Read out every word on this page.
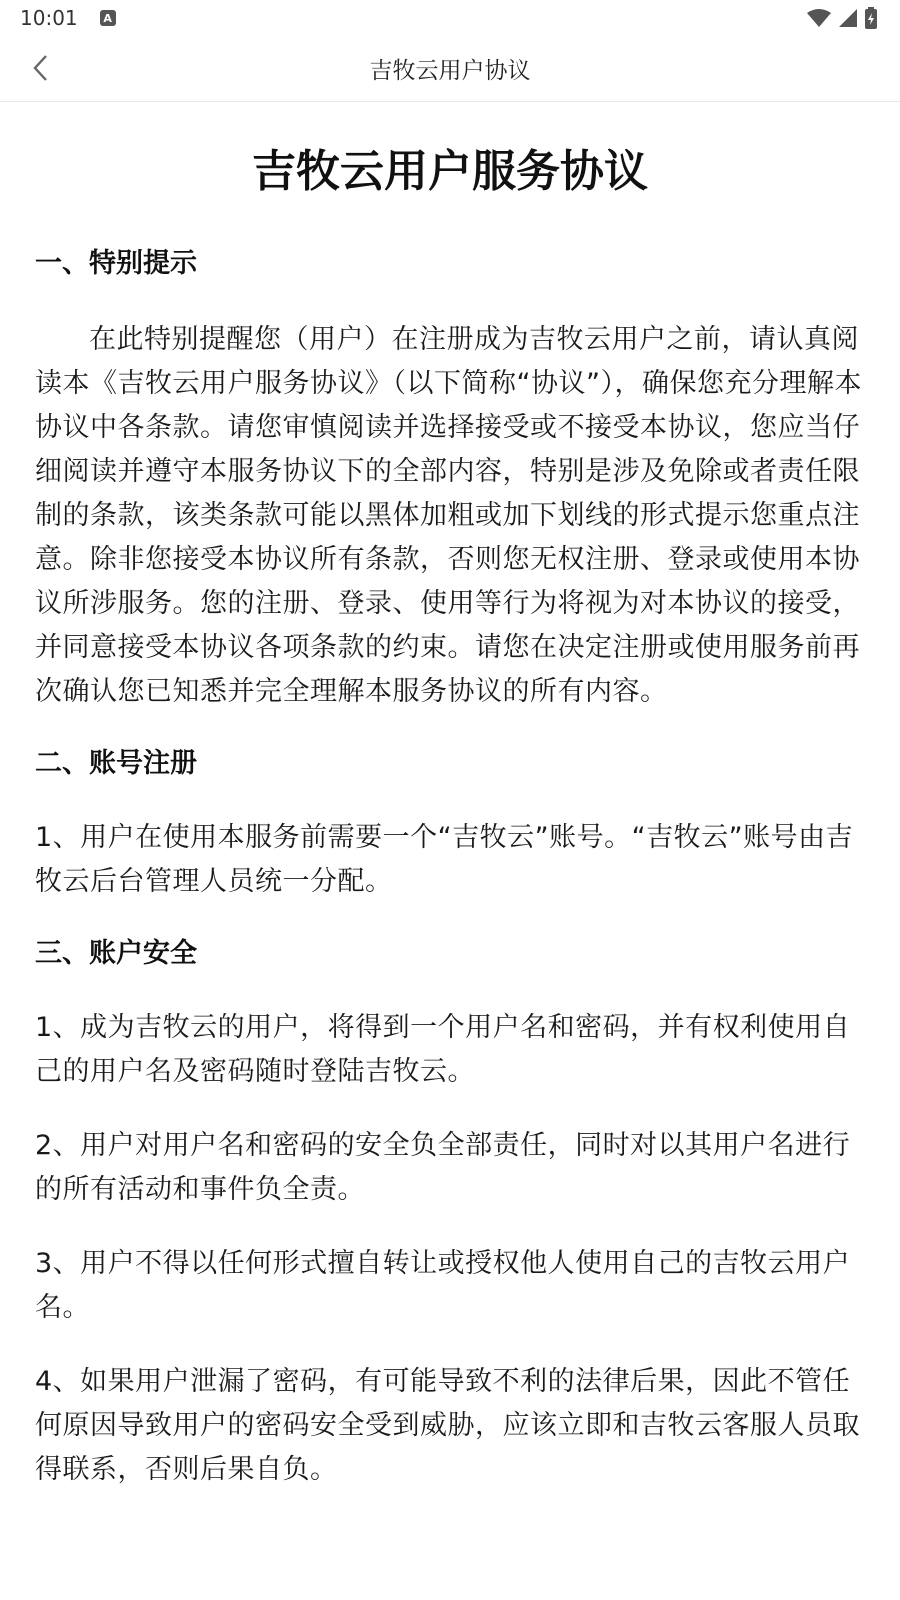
10:01	A
吉牧云用户协议
吉牧云用户服务协议
一、特别提示

在此特别提醒您（用户）在注册成为吉牧云用户之前，请认真阅读本《吉牧云用户服务协议》（以下简称“协议”），确保您充分理解本协议中各条款。请您审慎阅读并选择接受或不接受本协议，您应当仔细阅读并遵守本服务协议下的全部内容，特别是涉及免除或者责任限制的条款，该类条款可能以黑体加粗或加下划线的形式提示您重点注意。除非您接受本协议所有条款，否则您无权注册、登录或使用本协议所涉服务。您的注册、登录、使用等行为将视为对本协议的接受，并同意接受本协议各项条款的约束。请您在决定注册或使用服务前再次确认您已知悉并完全理解本服务协议的所有内容。

二、账号注册

1、用户在使用本服务前需要一个“吉牧云”账号。“吉牧云”账号由吉牧云后台管理人员统一分配。

三、账户安全

1、成为吉牧云的用户，将得到一个用户名和密码，并有权利使用自己的用户名及密码随时登陆吉牧云。

2、用户对用户名和密码的安全负全部责任，同时对以其用户名进行的所有活动和事件负全责。

3、用户不得以任何形式擅自转让或授权他人使用自己的吉牧云用户名。

4、如果用户泄漏了密码，有可能导致不利的法律后果，因此不管任何原因导致用户的密码安全受到威胁，应该立即和吉牧云客服人员取得联系，否则后果自负。
